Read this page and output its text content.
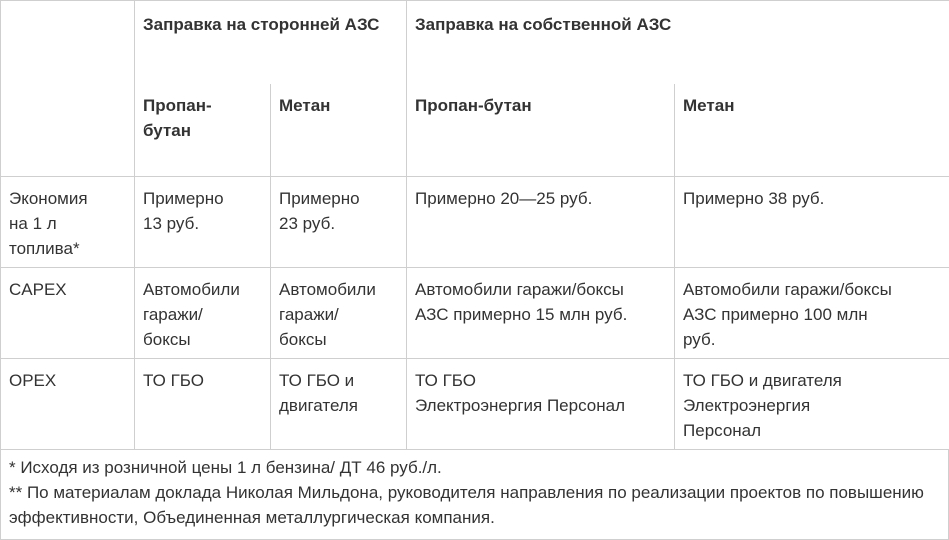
	Заправка на сторонней АЗС		Заправка на собственной АЗС	
	Пропан-
бутан	Метан	Пропан-бутан	Метан
Экономия
на 1 л
топлива*	Примерно
13 руб.	Примерно
23 руб.	Примерно 20—25 руб.	Примерно 38 руб.
CAPEX	Автомобили
гаражи/
боксы	Автомобили
гаражи/
боксы	Автомобили гаражи/боксы
АЗС примерно 15 млн руб.	Автомобили гаражи/боксы
АЗС примерно 100 млн
руб.
OPEX	ТО ГБО	ТО ГБО и
двигателя	ТО ГБО
Электроэнергия Персонал	ТО ГБО и двигателя
Электроэнергия
Персонал
* Исходя из розничной цены 1 л бензина/ ДТ 46 руб./л.
** По материалам доклада Николая Мильдона, руководителя направления по реализации проектов по повышению эффективности, Объединенная металлургическая компания.
